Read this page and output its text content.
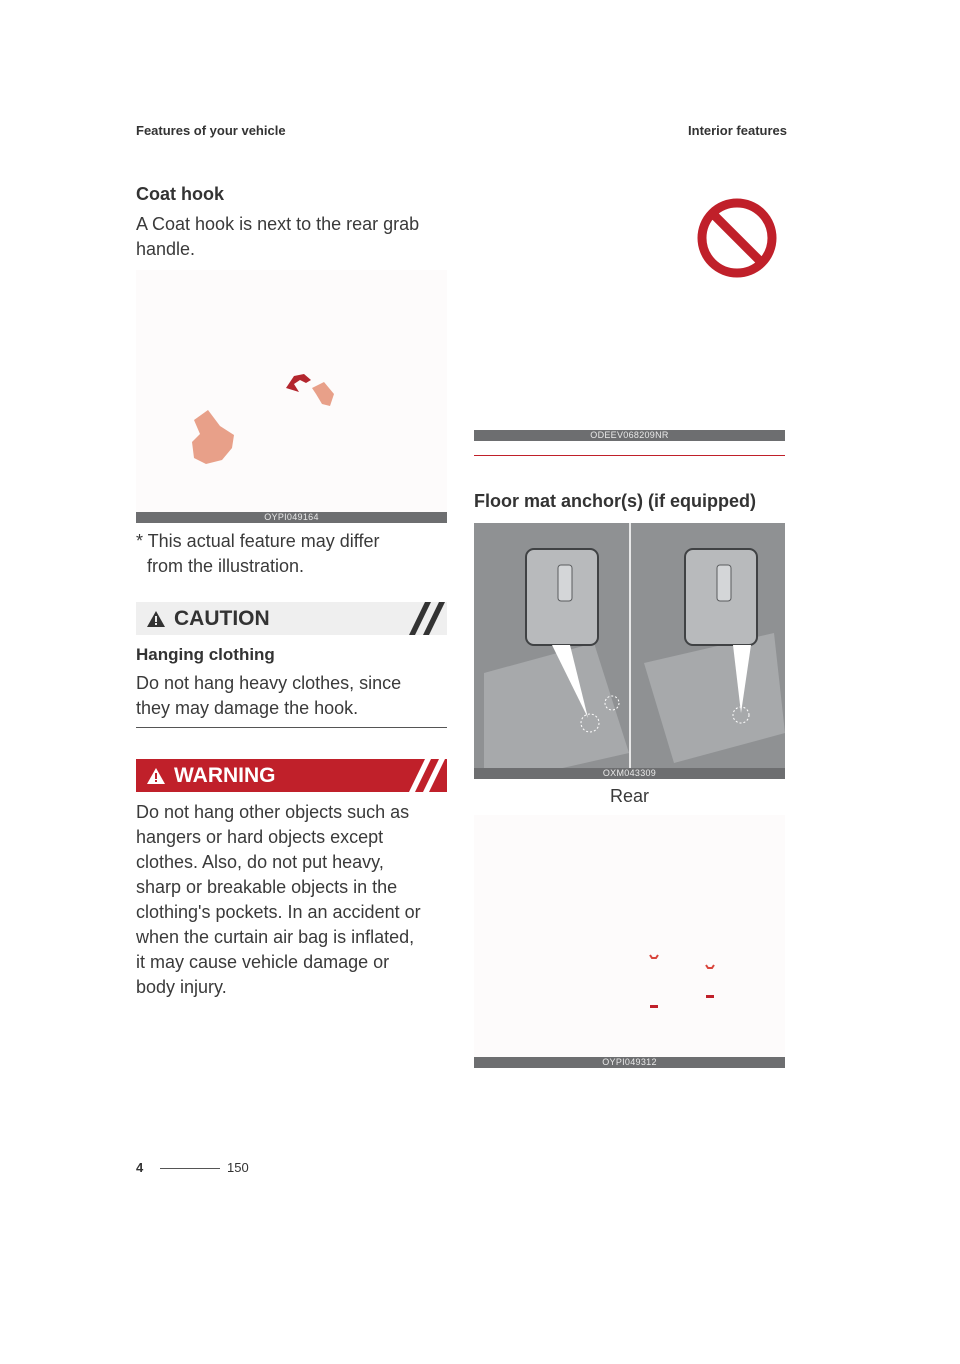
Features of your vehicle	Interior features
Coat hook
A Coat hook is next to the rear grab
handle.
OYPI049164
* This actual feature may differ
from the illustration.
CAUTION
Hanging clothing
Do not hang heavy clothes, since
they may damage the hook.
WARNING
Do not hang other objects such as
hangers or hard objects except
clothes. Also, do not put heavy,
sharp or breakable objects in the
clothing's pockets. In an accident or
when the curtain air bag is inflated,
it may cause vehicle damage or
body injury.
ODEEV068209NR
Floor mat anchor(s) (if equipped)
OXM043309
Rear
OYPI049312
4	150
